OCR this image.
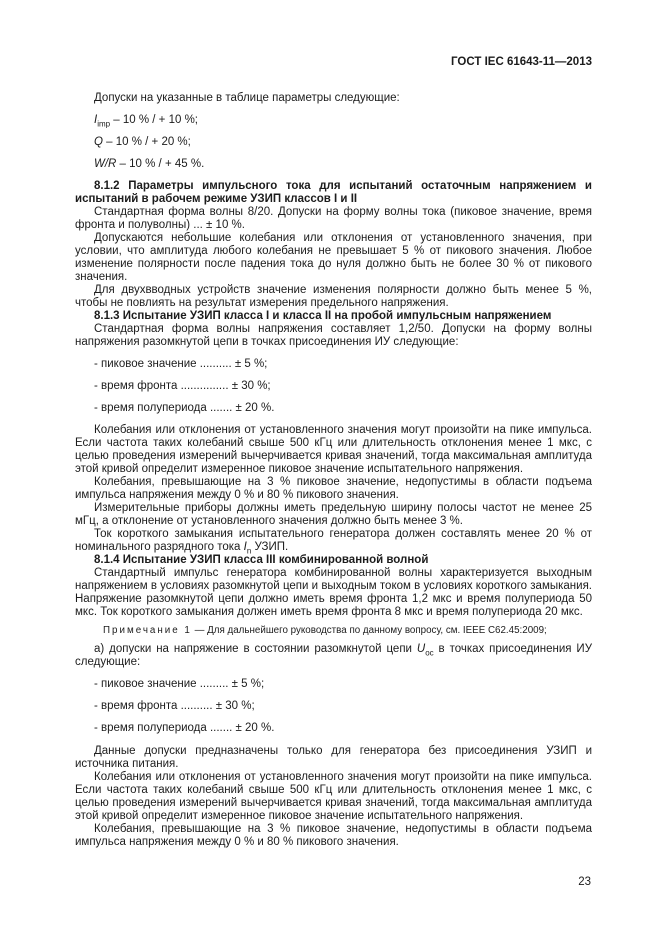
ГОСТ IEC 61643-11—2013

Допуски на указанные в таблице параметры следующие:

$I_{imp} - 10$ % / + 10 %;

Q – 10 % / + 20 %;

W/R – 10 % / + 45 %.

8.1.2 Параметры импульсного тока для испытаний остаточным напряжением и испытаний в рабочем режиме УЗИП классов I и II

Стандартная форма волны 8/20. Допуски на форму волны тока (пиковое значение, время фронта и полуволны) ... ± 10 %.

Допускаются небольшие колебания или отклонения от установленного значения, при условии, что амплитуда любого колебания не превышает 5 % от пикового значения. Любое изменение полярности после падения тока до нуля должно быть не более 30 % от пикового значения.

Для двухвводных устройств значение изменения полярности должно быть менее 5 %, чтобы не повлиять на результат измерения предельного напряжения.

8.1.3 Испытание УЗИП класса I и класса II на пробой импульсным напряжением

Стандартная форма волны напряжения составляет 1,2/50. Допуски на форму волны напряжения разомкнутой цепи в точках присоединения ИУ следующие:

- пиковое значение .......... ± 5 %;

- время фронта ............... ± 30 %;

- время полупериода ....... ± 20 %.

Колебания или отклонения от установленного значения могут произойти на пике импульса. Если частота таких колебаний свыше 500 кГц или длительность отклонения менее 1 мкс, с целью проведения измерений вычерчивается кривая значений, тогда максимальная амплитуда этой кривой определит измеренное пиковое значение испытательного напряжения.

Колебания, превышающие на 3 % пиковое значение, недопустимы в области подъема импульса напряжения между 0 % и 80 % пикового значения.

Измерительные приборы должны иметь предельную ширину полосы частот не менее 25 мГц, а отклонение от установленного значения должно быть менее 3 %.

Ток короткого замыкания испытательного генератора должен составлять менее 20 % от номинального разрядного тока $I_n$ УЗИП.

8.1.4 Испытание УЗИП класса III комбинированной волной

Стандартный импульс генератора комбинированной волны характеризуется выходным напряжением в условиях разомкнутой цепи и выходным током в условиях короткого замыкания. Напряжение разомкнутой цепи должно иметь время фронта 1,2 мкс и время полупериода 50 мкс. Ток короткого замыкания должен иметь время фронта 8 мкс и время полупериода 20 мкс.

Примечание 1 — Для дальнейшего руководства по данному вопросу, см. IEEE C62.45:2009;

а) допуски на напряжение в состоянии разомкнутой цепи $U_{ос}$ в точках присоединения ИУ следующие:

- пиковое значение ......... ± 5 %;

- время фронта .......... ± 30 %;

- время полупериода ....... ± 20 %.

Данные допуски предназначены только для генератора без присоединения УЗИП и источника питания.

Колебания или отклонения от установленного значения могут произойти на пике импульса. Если частота таких колебаний свыше 500 кГц или длительность отклонения менее 1 мкс, с целью проведения измерений вычерчивается кривая значений, тогда максимальная амплитуда этой кривой определит измеренное пиковое значение испытательного напряжения.

Колебания, превышающие на 3 % пиковое значение, недопустимы в области подъема импульса напряжения между 0 % и 80 % пикового значения.

23
